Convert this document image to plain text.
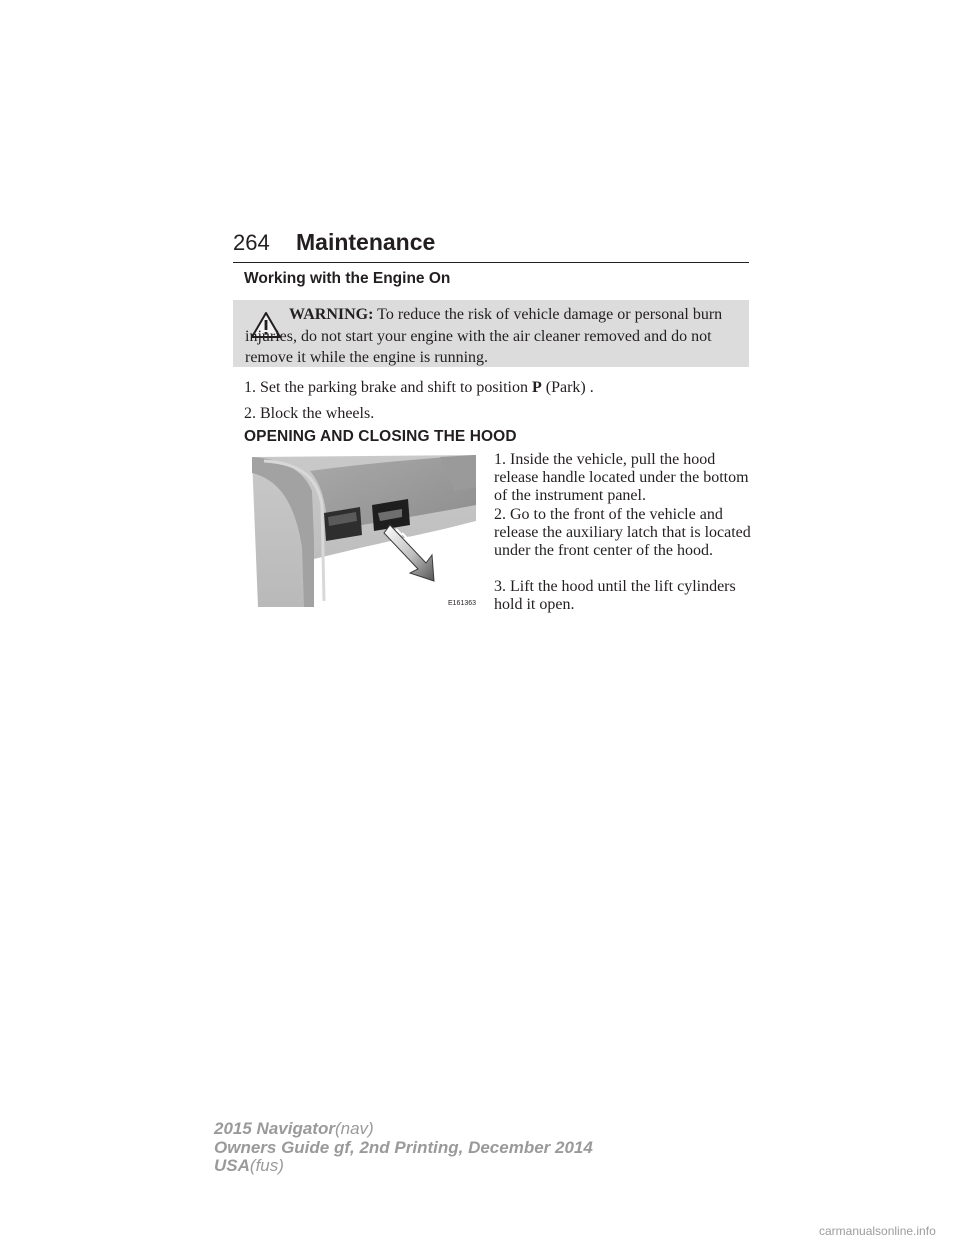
264 Maintenance
Working with the Engine On
WARNING: To reduce the risk of vehicle damage or personal burn injuries, do not start your engine with the air cleaner removed and do not remove it while the engine is running.
1. Set the parking brake and shift to position P (Park) .
2. Block the wheels.
OPENING AND CLOSING THE HOOD
E161363
1. Inside the vehicle, pull the hood release handle located under the bottom of the instrument panel.
2. Go to the front of the vehicle and release the auxiliary latch that is located under the front center of the hood.
3. Lift the hood until the lift cylinders hold it open.
2015 Navigator(nav)
Owners Guide gf, 2nd Printing, December 2014
USA(fus)
carmanualsonline.info
